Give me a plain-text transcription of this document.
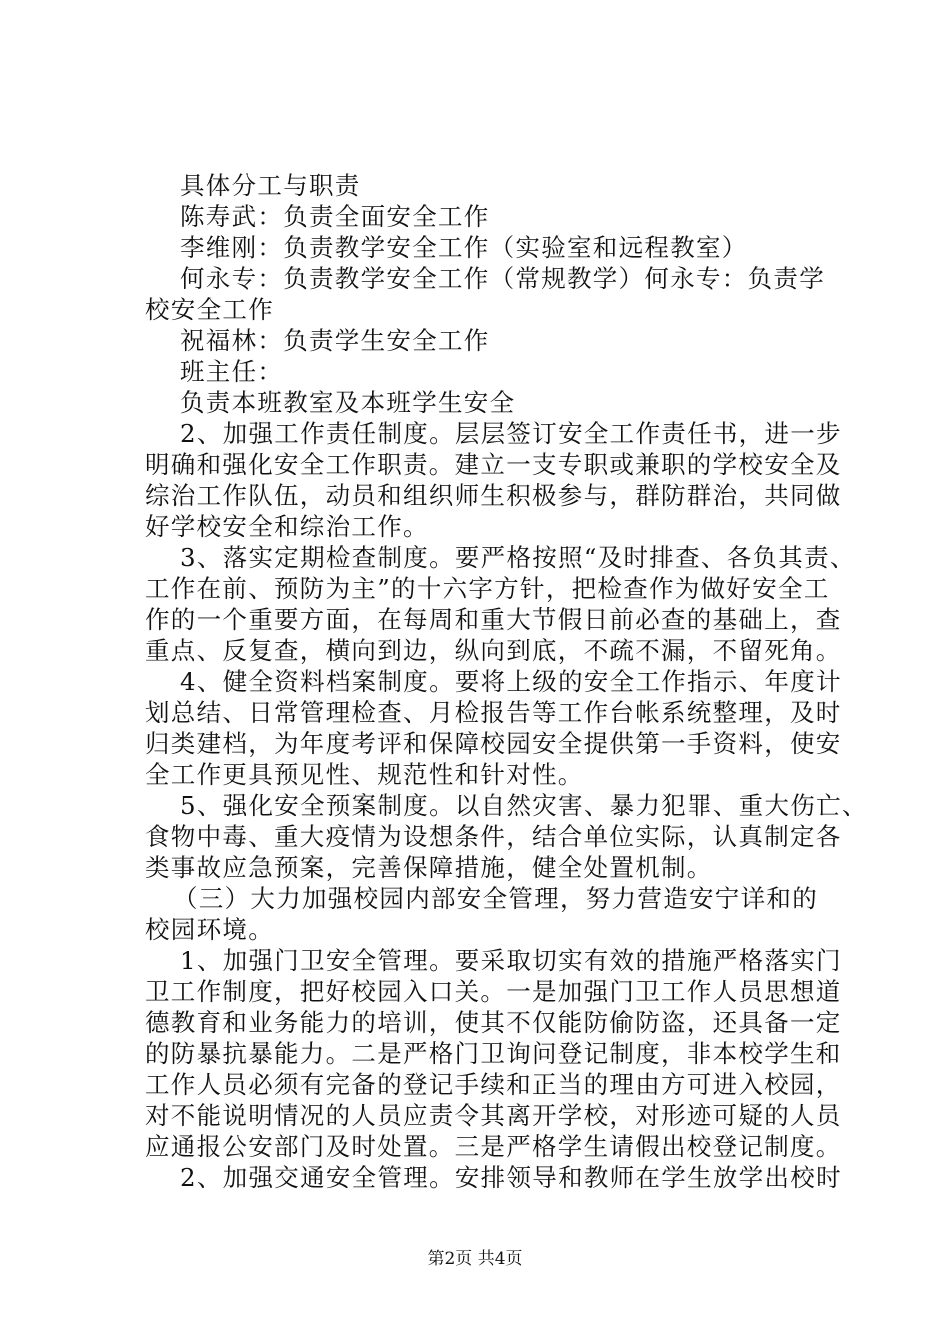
具体分工与职责
陈寿武：负责全面安全工作
李维刚：负责教学安全工作（实验室和远程教室）
何永专：负责教学安全工作（常规教学）何永专：负责学
校安全工作
祝福林：负责学生安全工作
班主任：
负责本班教室及本班学生安全
2、加强工作责任制度。层层签订安全工作责任书，进一步
明确和强化安全工作职责。建立一支专职或兼职的学校安全及
综治工作队伍，动员和组织师生积极参与，群防群治，共同做
好学校安全和综治工作。
3、落实定期检查制度。要严格按照“及时排查、各负其责、
工作在前、预防为主”的十六字方针，把检查作为做好安全工
作的一个重要方面，在每周和重大节假日前必查的基础上，查
重点、反复查，横向到边，纵向到底，不疏不漏，不留死角。
4、健全资料档案制度。要将上级的安全工作指示、年度计
划总结、日常管理检查、月检报告等工作台帐系统整理，及时
归类建档，为年度考评和保障校园安全提供第一手资料，使安
全工作更具预见性、规范性和针对性。
5、强化安全预案制度。以自然灾害、暴力犯罪、重大伤亡、
食物中毒、重大疫情为设想条件，结合单位实际，认真制定各
类事故应急预案，完善保障措施，健全处置机制。
（三）大力加强校园内部安全管理，努力营造安宁详和的
校园环境。
1、加强门卫安全管理。要采取切实有效的措施严格落实门
卫工作制度，把好校园入口关。一是加强门卫工作人员思想道
德教育和业务能力的培训，使其不仅能防偷防盗，还具备一定
的防暴抗暴能力。二是严格门卫询问登记制度，非本校学生和
工作人员必须有完备的登记手续和正当的理由方可进入校园，
对不能说明情况的人员应责令其离开学校，对形迹可疑的人员
应通报公安部门及时处置。三是严格学生请假出校登记制度。
2、加强交通安全管理。安排领导和教师在学生放学出校时
第2页 共4页
